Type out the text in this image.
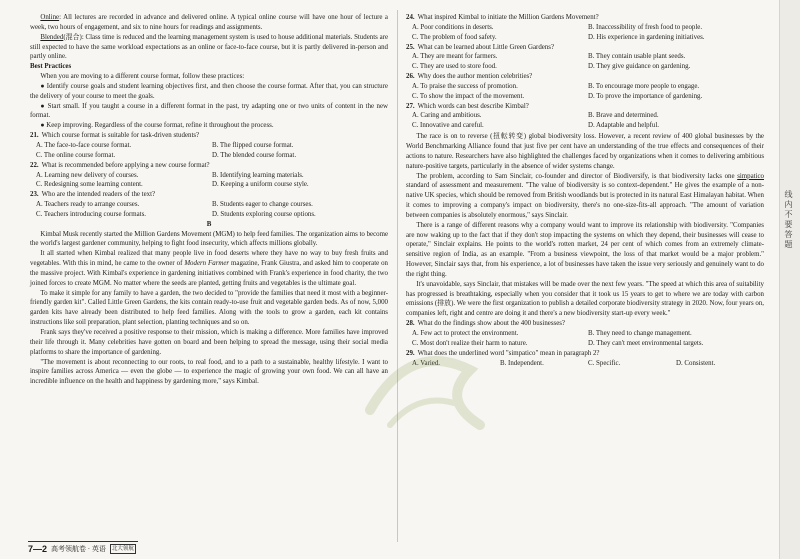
Online: All lectures are recorded in advance and delivered online. A typical online course will have one hour of lecture a week, two hours of engagement, and six to nine hours for readings and assignments.

Blended(混合): Class time is reduced and the learning management system is used to house additional materials. Students are still expected to have the same workload expectations as an online or face-to-face course, but it is partly delivered in-person and partly online.

Best Practices

When you are moving to a different course format, follow these practices:

● Identify course goals and student learning objectives first, and then choose the course format. After that, you can structure the delivery of your course to meet the goals.

● Start small. If you taught a course in a different format in the past, try adapting one or two units of content in the new format.

● Keep improving. Regardless of the course format, refine it throughout the process.

21. Which course format is suitable for task-driven students?
A. The face-to-face course format.	B. The flipped course format.
C. The online course format.	D. The blended course format.
22. What is recommended before applying a new course format?
A. Learning new delivery of courses.	B. Identifying learning materials.
C. Redesigning some learning content.	D. Keeping a uniform course style.
23. Who are the intended readers of the text?
A. Teachers ready to arrange courses.	B. Students eager to change courses.
C. Teachers introducing course formats.	D. Students exploring course options.

B

Kimbal Musk recently started the Million Gardens Movement (MGM) to help feed families. The organization aims to become the world's largest gardener community, helping to fight food insecurity, which affects millions globally.

It all started when Kimbal realized that many people live in food deserts where they have no way to buy fresh fruits and vegetables. With this in mind, he came to the owner of Modern Farmer magazine, Frank Giustra, and asked him to cooperate on the massive project. With Kimbal's experience in gardening initiatives combined with Frank's experience in food charity, the two joined forces to create MGM. No matter where the seeds are planted, getting fruits and vegetables is the ultimate goal.

To make it simple for any family to have a garden, the two decided to "provide the families that need it most with a beginner-friendly garden kit". Called Little Green Gardens, the kits contain ready-to-use fruit and vegetable garden beds. As of now, 5,000 garden kits have already been distributed to help feed families. Along with the tools to grow a garden, each kit contains instructions like soil preparation, plant selection, planting techniques and so on.

Frank says they've received a positive response to their mission, which is making a difference. More families have improved their life through it. Many celebrities have gotten on board and been helping to spread the message, using their social media platforms to share the importance of gardening.

"The movement is about reconnecting to our roots, to real food, and to a path to a sustainable, healthy lifestyle. I want to inspire families across America — even the globe — to experience the magic of growing your own food. We can all have an incredible influence on the health and happiness by gardening more," says Kimbal.

24. What inspired Kimbal to initiate the Million Gardens Movement?
A. Poor conditions in deserts.	B. Inaccessibility of fresh food to people.
C. The problem of food safety.	D. His experience in gardening initiatives.
25. What can be learned about Little Green Gardens?
A. They are meant for farmers.	B. They contain usable plant seeds.
C. They are used to store food.	D. They give guidance on gardening.
26. Why does the author mention celebrities?
A. To praise the success of promotion.	B. To encourage more people to engage.
C. To show the impact of the movement.	D. To prove the importance of gardening.
27. Which words can best describe Kimbal?
A. Caring and ambitious.	B. Brave and determined.
C. Innovative and careful.	D. Adaptable and helpful.

The race is on to reverse (扭転转变) global biodiversity loss. However, a recent review of 400 global businesses by the World Benchmarking Alliance found that just five per cent have an understanding of the true effects and consequences of their actions to nature. Researchers have also highlighted the challenges faced by organizations when it comes to delivering ambitious nature-positive targets, particularly in the absence of wider systems change.

The problem, according to Sam Sinclair, co-founder and director of Biodiversify, is that biodiversity lacks one simpatico standard of assessment and measurement. "The value of biodiversity is so context-dependent." He gives the example of a non-native UK species, which should be removed from British woodlands but is protected in its natural East Himalayan habitat. When it comes to improving a company's impact on biodiversity, there's no one-size-fits-all approach. "The amount of variation between companies is absolutely enormous," says Sinclair.

There is a range of different reasons why a company would want to improve its relationship with biodiversity. "Companies are now waking up to the fact that if they don't stop impacting the systems on which they depend, their businesses will cease to operate," Sinclair explains. He points to the world's rotten market, 24 per cent of which comes from an extremely climate-sensitive region of India, as an example. "From a business viewpoint, the loss of that market would be a major problem." However, Sinclair says that, from his experience, a lot of businesses have taken the issue very seriously and genuinely want to do the right thing.

It's unavoidable, says Sinclair, that mistakes will be made over the next few years. "The speed at which this area of suitability has progressed is breathtaking, especially when you consider that it took us 15 years to get to where we are today with carbon emissions (排放). We were the first organization to publish a detailed corporate biodiversity strategy in 2020. Now, four years on, companies left, right and centre are doing it and there's a new biodiversity start-up every week."

28. What do the findings show about the 400 businesses?
A. Few act to protect the environment.	B. They need to change management.
C. Most don't realize their harm to nature.	D. They can't meet environmental targets.
29. What does the underlined word "simpatico" mean in paragraph 2?
A. Varied.	B. Independent.	C. Specific.	D. Consistent.
线 内 不 要 答 题
7—2 高考领航卷 · 英语	北大领航
